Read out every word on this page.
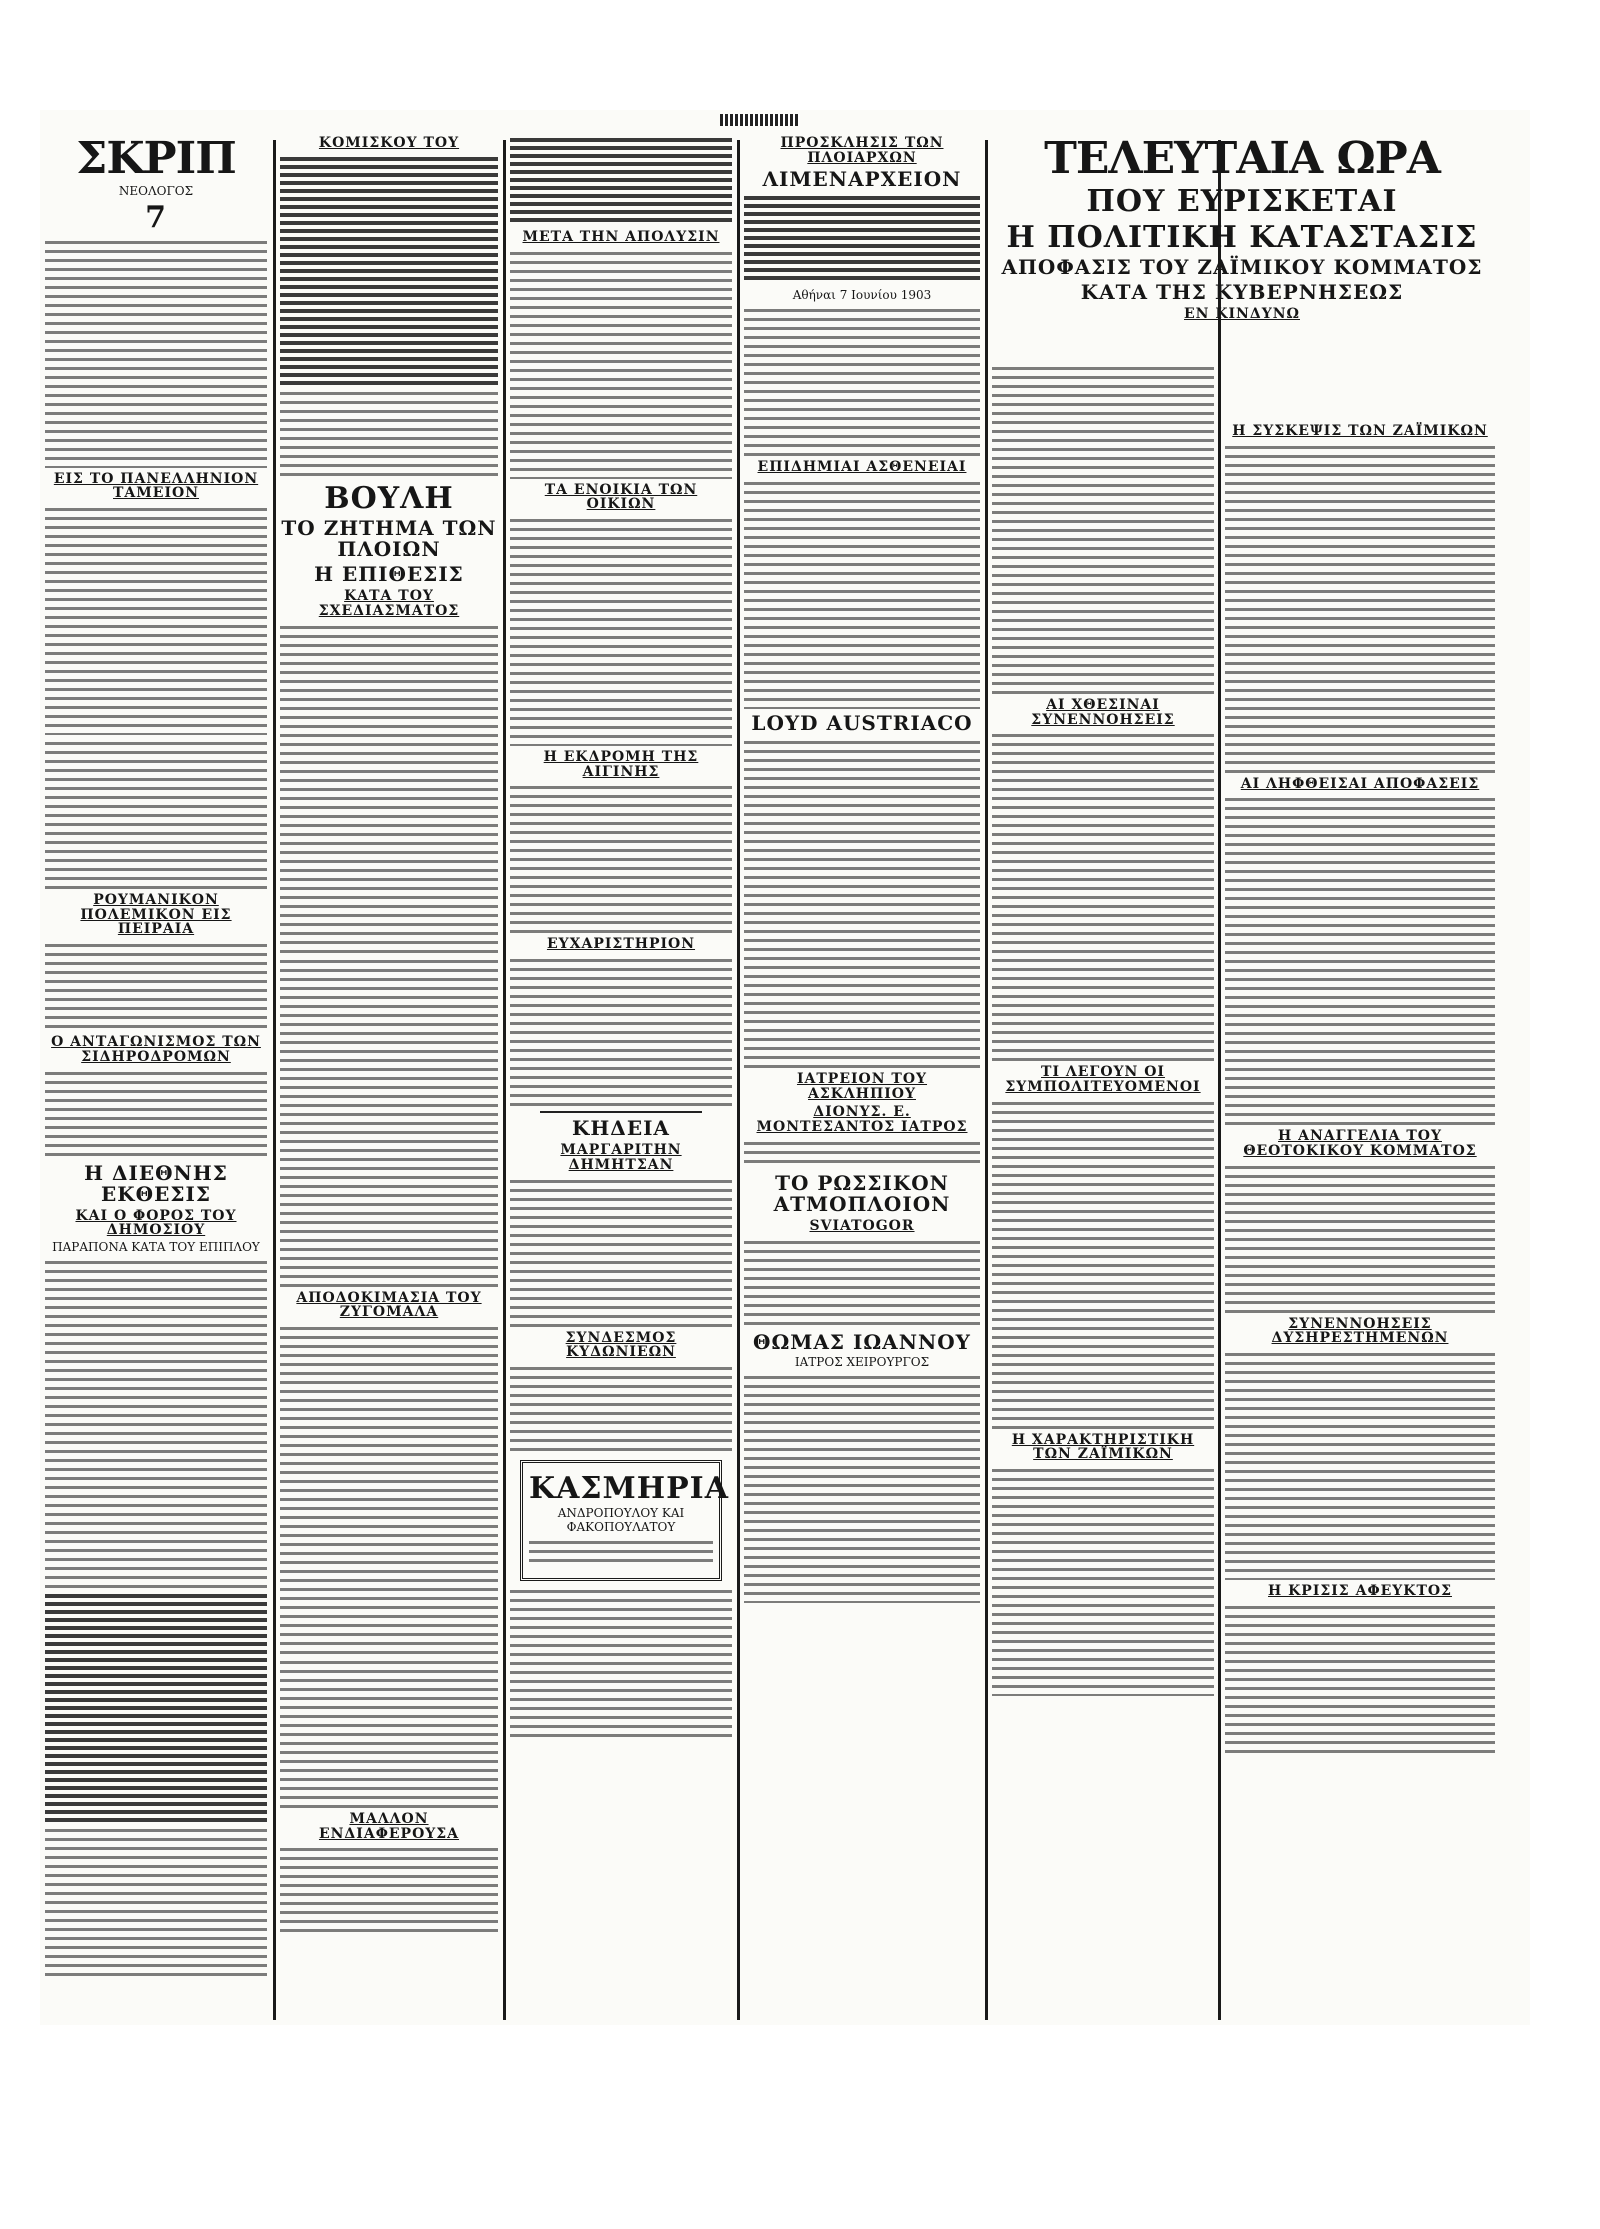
ΣΚΡΙΠ
ΝΕΟΛΟΓΟΣ
7
ΕΙΣ ΤΟ ΠΑΝΕΛΛΗΝΙΟΝ ΤΑΜΕΙΟΝ
ΡΟΥΜΑΝΙΚΟΝ ΠΟΛΕΜΙΚΟΝ ΕΙΣ ΠΕΙΡΑΙΑ
Ο ΑΝΤΑΓΩΝΙΣΜΟΣ ΤΩΝ ΣΙΔΗΡΟΔΡΟΜΩΝ
Η ΔΙΕΘΝΗΣ ΕΚΘΕΣΙΣ
ΚΑΙ Ο ΦΟΡΟΣ ΤΟΥ ΔΗΜΟΣΙΟΥ
ΠΑΡΑΠΟΝΑ ΚΑΤΑ ΤΟΥ ΕΠΙΠΛΟΥ
ΚΟΜΙΣΚΟΥ ΤΟΥ
ΒΟΥΛΗ
ΤΟ ΖΗΤΗΜΑ ΤΩΝ ΠΛΟΙΩΝ
Η ΕΠΙΘΕΣΙΣ
ΚΑΤΑ ΤΟΥ ΣΧΕΔΙΑΣΜΑΤΟΣ
ΑΠΟΔΟΚΙΜΑΣΙΑ ΤΟΥ ΖΥΓΟΜΑΛΑ
ΜΑΛΛΟΝ ΕΝΔΙΑΦΕΡΟΥΣΑ
ΜΕΤΑ ΤΗΝ ΑΠΟΛΥΣΙΝ
ΤΑ ΕΝΟΙΚΙΑ ΤΩΝ ΟΙΚΙΩΝ
Η ΕΚΔΡΟΜΗ ΤΗΣ ΑΙΓΙΝΗΣ
ΕΥΧΑΡΙΣΤΗΡΙΟΝ
ΚΗΔΕΙΑ
ΜΑΡΓΑΡΙΤΗΝ ΔΗΜΗΤΣΑΝ
ΣΥΝΔΕΣΜΟΣ ΚΥΔΩΝΙΕΩΝ
ΚΑΣΜΗΡΙΑ
ΑΝΔΡΟΠΟΥΛΟΥ ΚΑΙ ΦΑΚΟΠΟΥΛΑΤΟΥ
ΠΡΟΣΚΛΗΣΙΣ ΤΩΝ ΠΛΟΙΑΡΧΩΝ
ΛΙΜΕΝΑΡΧΕΙΟΝ
Αθήναι 7 Ιουνίου 1903
ΕΠΙΔΗΜΙΑΙ ΑΣΘΕΝΕΙΑΙ
LOYD AUSTRIACO
ΙΑΤΡΕΙΟΝ ΤΟΥ ΑΣΚΛΗΠΙΟΥ
ΔΙΟΝΥΣ. Ε. ΜΟΝΤΕΣΑΝΤΟΣ ΙΑΤΡΟΣ
ΤΟ ΡΩΣΣΙΚΟΝ ΑΤΜΟΠΛΟΙΟΝ
SVIATOGOR
ΘΩΜΑΣ ΙΩΑΝΝΟΥ
ΙΑΤΡΟΣ ΧΕΙΡΟΥΡΓΟΣ
ΤΕΛΕΥΤΑΙΑ ΩΡΑ
ΠΟΥ ΕΥΡΙΣΚΕΤΑΙ
Η ΠΟΛΙΤΙΚΗ ΚΑΤΑΣΤΑΣΙΣ
ΑΠΟΦΑΣΙΣ ΤΟΥ ΖΑΪΜΙΚΟΥ ΚΟΜΜΑΤΟΣ
ΚΑΤΑ ΤΗΣ ΚΥΒΕΡΝΗΣΕΩΣ
ΕΝ ΚΙΝΔΥΝΩ
ΑΙ ΧΘΕΣΙΝΑΙ ΣΥΝΕΝΝΟΗΣΕΙΣ
ΤΙ ΛΕΓΟΥΝ ΟΙ ΣΥΜΠΟΛΙΤΕΥΟΜΕΝΟΙ
Η ΧΑΡΑΚΤΗΡΙΣΤΙΚΗ ΤΩΝ ΖΑΪΜΙΚΩΝ
Η ΣΥΣΚΕΨΙΣ ΤΩΝ ΖΑΪΜΙΚΩΝ
ΑΙ ΛΗΦΘΕΙΣΑΙ ΑΠΟΦΑΣΕΙΣ
Η ΑΝΑΓΓΕΛΙΑ ΤΟΥ ΘΕΟΤΟΚΙΚΟΥ ΚΟΜΜΑΤΟΣ
ΣΥΝΕΝΝΟΗΣΕΙΣ ΔΥΣΗΡΕΣΤΗΜΕΝΩΝ
Η ΚΡΙΣΙΣ ΑΦΕΥΚΤΟΣ
